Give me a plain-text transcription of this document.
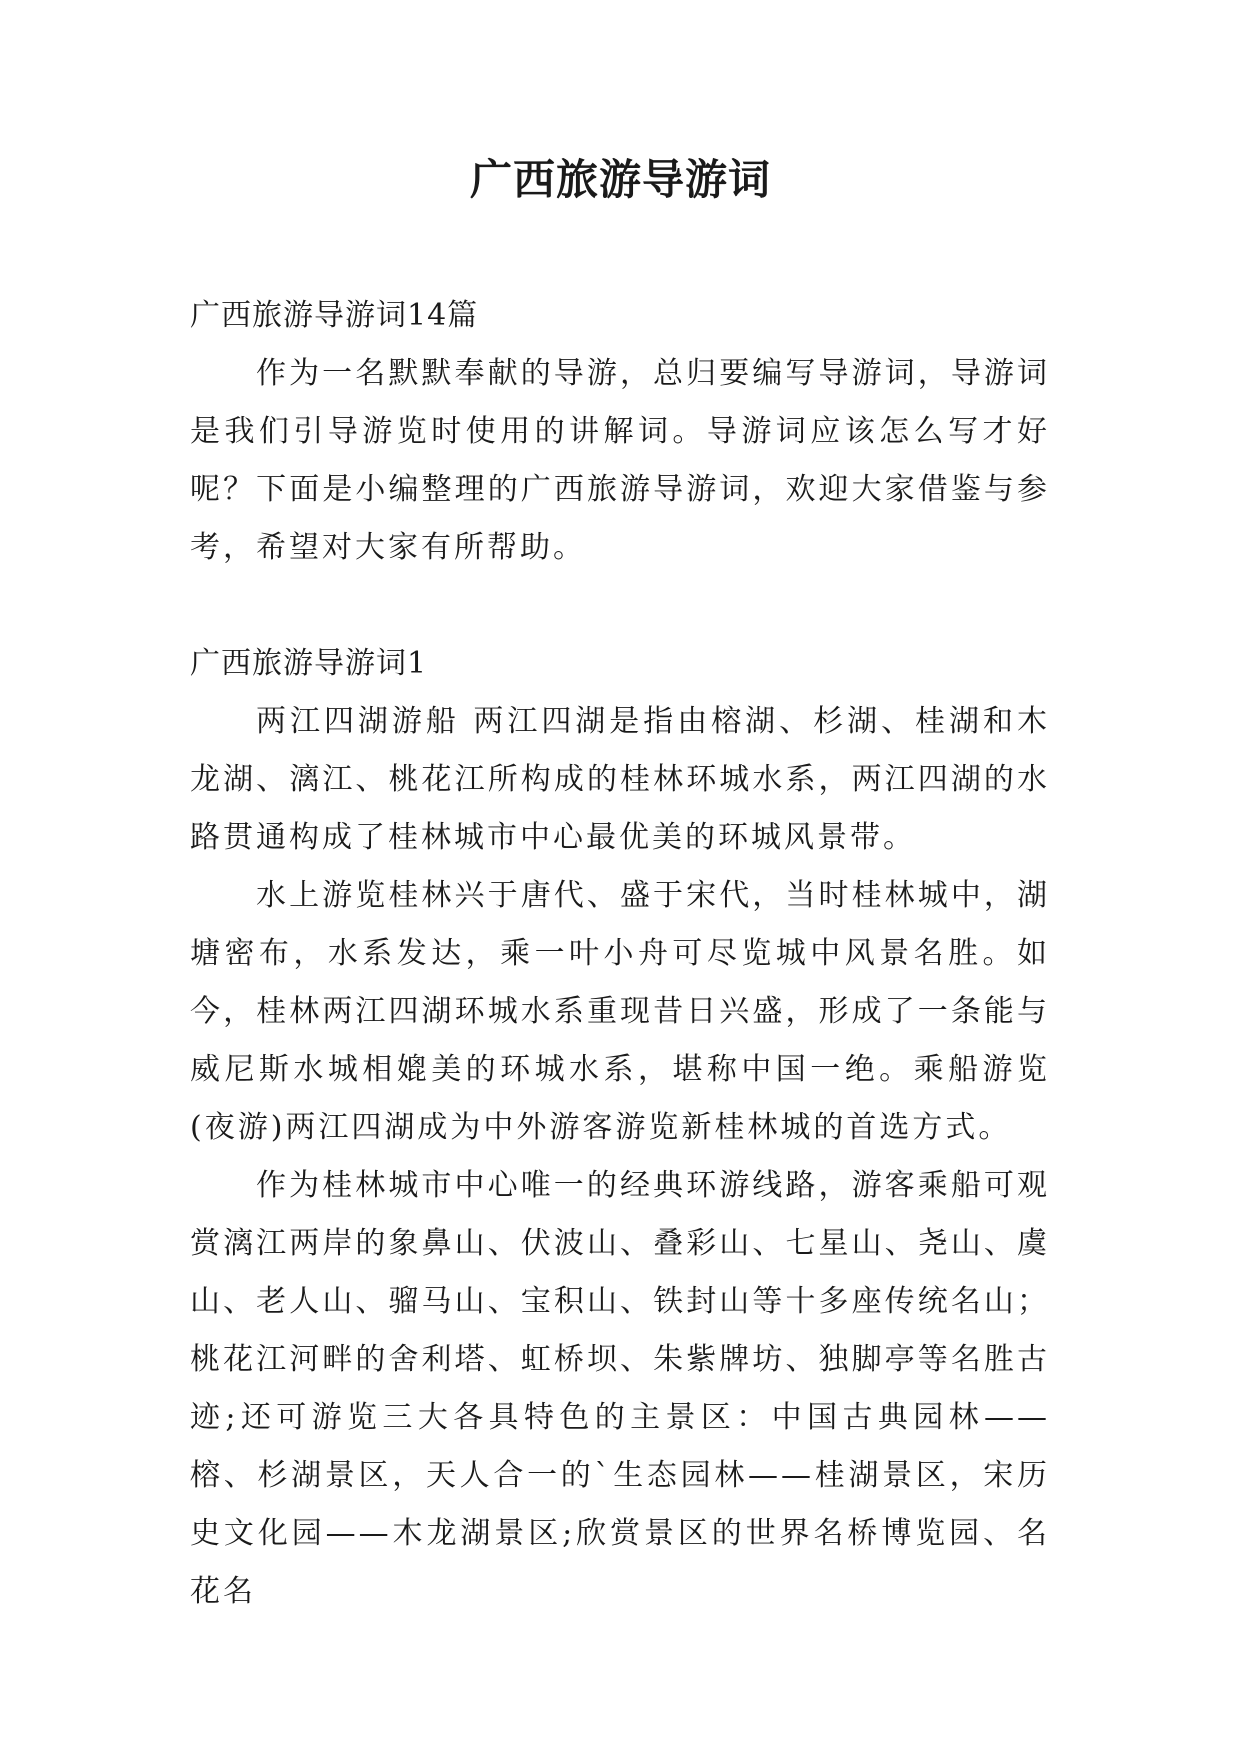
广西旅游导游词

广西旅游导游词14篇

作为一名默默奉献的导游，总归要编写导游词，导游词是我们引导游览时使用的讲解词。导游词应该怎么写才好呢？下面是小编整理的广西旅游导游词，欢迎大家借鉴与参考，希望对大家有所帮助。

广西旅游导游词1

两江四湖游船 两江四湖是指由榕湖、杉湖、桂湖和木龙湖、漓江、桃花江所构成的桂林环城水系，两江四湖的水路贯通构成了桂林城市中心最优美的环城风景带。

水上游览桂林兴于唐代、盛于宋代，当时桂林城中，湖塘密布，水系发达，乘一叶小舟可尽览城中风景名胜。如今，桂林两江四湖环城水系重现昔日兴盛，形成了一条能与威尼斯水城相媲美的环城水系，堪称中国一绝。乘船游览(夜游)两江四湖成为中外游客游览新桂林城的首选方式。

作为桂林城市中心唯一的经典环游线路，游客乘船可观赏漓江两岸的象鼻山、伏波山、叠彩山、七星山、尧山、虞山、老人山、骝马山、宝积山、铁封山等十多座传统名山；桃花江河畔的舍利塔、虹桥坝、朱紫牌坊、独脚亭等名胜古迹;还可游览三大各具特色的主景区：中国古典园林——榕、杉湖景区，天人合一的`生态园林——桂湖景区，宋历史文化园——木龙湖景区;欣赏景区的世界名桥博览园、名花名
